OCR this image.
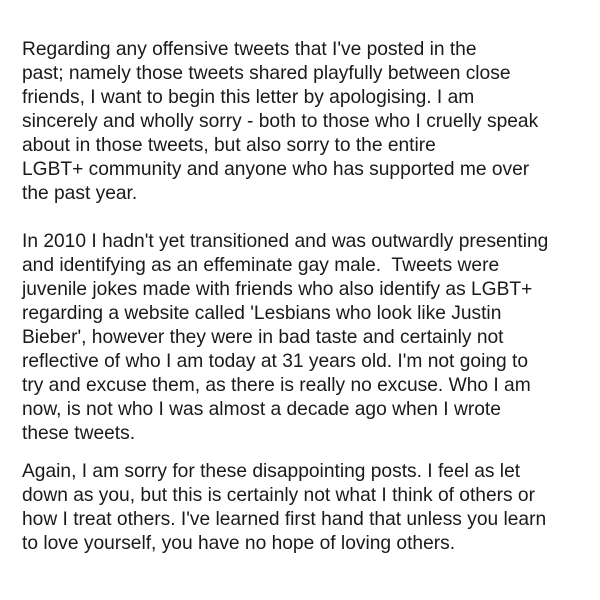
Regarding any offensive tweets that I've posted in the
past; namely those tweets shared playfully between close
friends, I want to begin this letter by apologising. I am
sincerely and wholly sorry - both to those who I cruelly speak
about in those tweets, but also sorry to the entire
LGBT+ community and anyone who has supported me over
the past year.
In 2010 I hadn't yet transitioned and was outwardly presenting
and identifying as an effeminate gay male.  Tweets were
juvenile jokes made with friends who also identify as LGBT+
regarding a website called 'Lesbians who look like Justin
Bieber', however they were in bad taste and certainly not
reflective of who I am today at 31 years old. I'm not going to
try and excuse them, as there is really no excuse. Who I am
now, is not who I was almost a decade ago when I wrote
these tweets.
Again, I am sorry for these disappointing posts. I feel as let
down as you, but this is certainly not what I think of others or
how I treat others. I've learned first hand that unless you learn
to love yourself, you have no hope of loving others.
